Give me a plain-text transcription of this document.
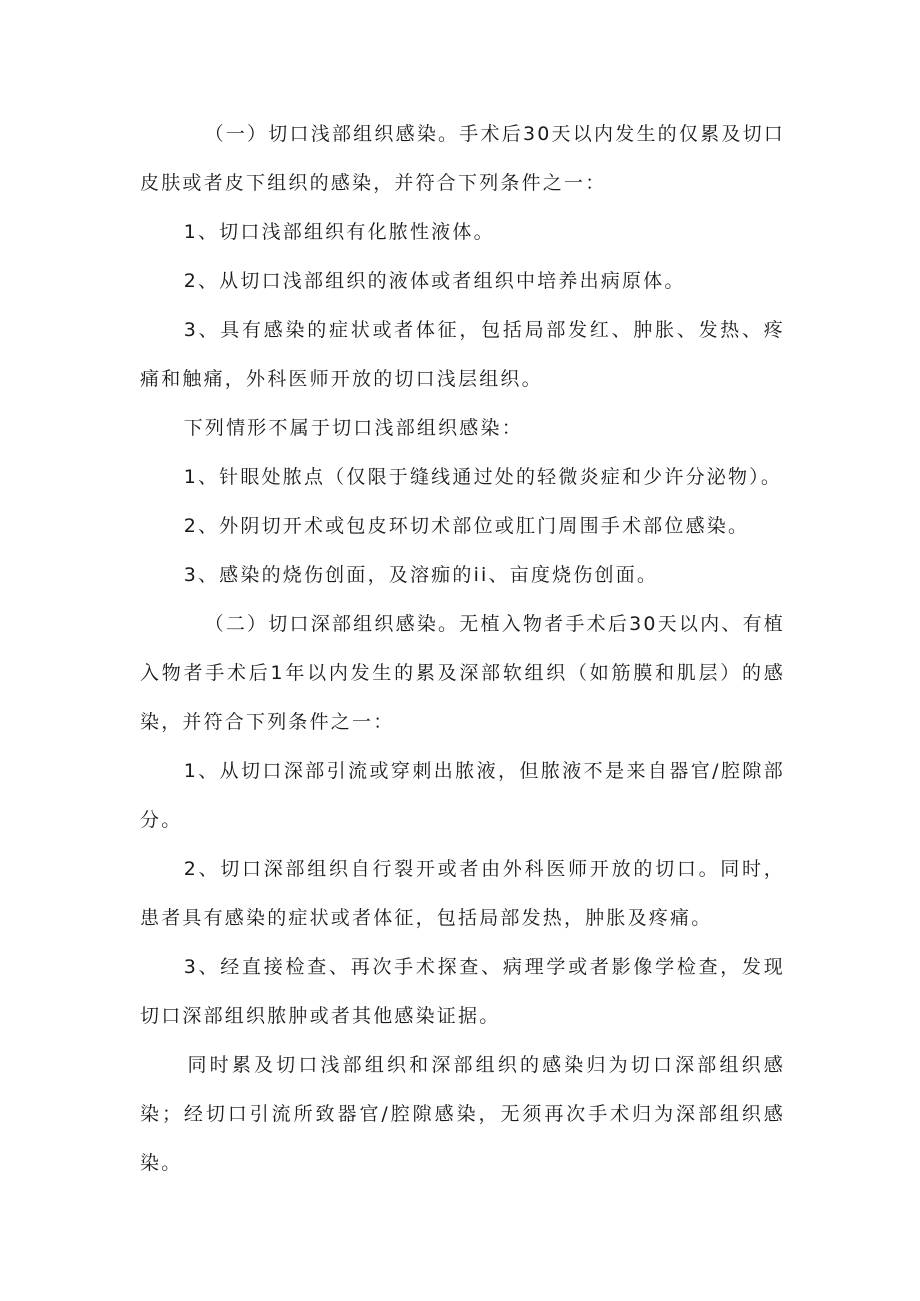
（一）切口浅部组织感染。手术后30天以内发生的仅累及切口皮肤或者皮下组织的感染，并符合下列条件之一：

1、切口浅部组织有化脓性液体。

2、从切口浅部组织的液体或者组织中培养出病原体。

3、具有感染的症状或者体征，包括局部发红、肿胀、发热、疼痛和触痛，外科医师开放的切口浅层组织。

下列情形不属于切口浅部组织感染：

1、针眼处脓点（仅限于缝线通过处的轻微炎症和少许分泌物）。

2、外阴切开术或包皮环切术部位或肛门周围手术部位感染。

3、感染的烧伤创面，及溶痂的ii、亩度烧伤创面。

（二）切口深部组织感染。无植入物者手术后30天以内、有植入物者手术后1年以内发生的累及深部软组织（如筋膜和肌层）的感染，并符合下列条件之一：

1、从切口深部引流或穿刺出脓液，但脓液不是来自器官/腔隙部分。

2、切口深部组织自行裂开或者由外科医师开放的切口。同时，患者具有感染的症状或者体征，包括局部发热，肿胀及疼痛。

3、经直接检查、再次手术探查、病理学或者影像学检查，发现切口深部组织脓肿或者其他感染证据。

同时累及切口浅部组织和深部组织的感染归为切口深部组织感染；经切口引流所致器官/腔隙感染，无须再次手术归为深部组织感染。
